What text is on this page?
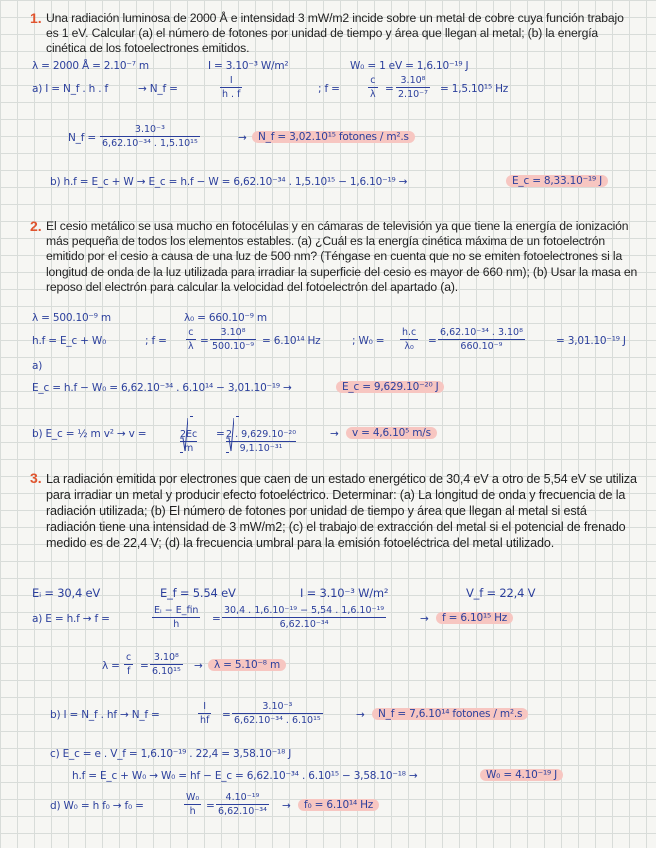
1. Una radiación luminosa de 2000 Å e intensidad 3 mW/m2 incide sobre un metal de cobre cuya función trabajo es 1 eV. Calcular (a) el número de fotones por unidad de tiempo y área que llegan al metal; (b) la energía cinética de los fotoelectrones emitidos.
λ = 2000 Å = 2.10⁻⁷ m	I = 3.10⁻³ W/m²	W₀ = 1 eV = 1,6.10⁻¹⁹ J
a) I = N_f . h . f	→ N_f =	$\frac{I}{h . f}$	; f =	$\frac{c}{\lambda} = \frac{\text{3.10⁸}}{\text{2.10⁻⁷}} = 1,5.10^{15}$ Hz
N_f = $\frac{\text{3.10⁻³}}{\text{6,62.10⁻³⁴ . 1,5.10¹⁵}}$	→	N_f = 3,02.10¹⁵ fotones / m².s
b) h.f = E_c + W → E_c = h.f − W = 6,62.10⁻³⁴ . 1,5.10¹⁵ − 1,6.10⁻¹⁹ →	E_c = 8,33.10⁻¹⁹ J
2. El cesio metálico se usa mucho en fotocélulas y en cámaras de televisión ya que tiene la energía de ionización más pequeña de todos los elementos estables. (a) ¿Cuál es la energía cinética máxima de un fotoelectrón emitido por el cesio a causa de una luz de 500 nm? (Téngase en cuenta que no se emiten fotoelectrones si la longitud de onda de la luz utilizada para irradiar la superficie del cesio es mayor de 660 nm); (b) Usar la masa en reposo del electrón para calcular la velocidad del fotoelectrón del apartado (a).
λ = 500.10⁻⁹ m	λ₀ = 660.10⁻⁹ m
h.f = E_c + W₀	; $f = \frac{c}{\lambda} = \frac{\text{3.10⁸}}{\text{500.10⁻⁹}} = 6.10^{14}$ Hz	; $W_0 = \frac{h.c}{\text{λ₀}} = \frac{\text{6,62.10⁻³⁴ . 3.10⁸}}{\text{660.10⁻⁹}}$	= 3,01.10⁻¹⁹ J
a)
E_c = h.f − W₀ = 6,62.10⁻³⁴ . 6.10¹⁴ − 3,01.10⁻¹⁹ →	E_c = 9,629.10⁻²⁰ J
b) E_c = ½ m v² → v =	2Ec
m
= 2 . 9,629.10⁻²⁰
9,1.10⁻³¹
→	v = 4,6.10⁵ m/s
3. La radiación emitida por electrones que caen de un estado energético de 30,4 eV a otro de 5,54 eV se utiliza para irradiar un metal y producir efecto fotoeléctrico. Determinar: (a) La longitud de onda y frecuencia de la radiación utilizada; (b) El número de fotones por unidad de tiempo y área que llegan al metal si está radiación tiene una intensidad de 3 mW/m2; (c) el trabajo de extracción del metal si el potencial de frenado medido es de 22,4 V; (d) la frecuencia umbral para la emisión fotoeléctrica del metal utilizado.
Eᵢ = 30,4 eV	E_f = 5.54 eV	I = 3.10⁻³ W/m²	V_f = 22,4 V
a) E = h.f → f =
Eᵢ − E_fin
h	= $\frac{\text{30,4 . 1,6.10⁻¹⁹ − 5,54 . 1,6.10⁻¹⁹}}{\text{6,62.10⁻³⁴}}$	→	f = 6.10¹⁵ Hz
$\lambda = \frac{c}{f} = \frac{\text{3.10⁸}}{\text{6.10¹⁵}}$ →	λ = 5.10⁻⁸ m
b) I = N_f . hf → N_f =	$\frac{I}{hf} = \frac{\text{3.10⁻³}}{\text{6,62.10⁻³⁴ . 6.10¹⁵}}$	→	N_f = 7,6.10¹⁴ fotones / m².s
c) E_c = e . V_f = 1,6.10⁻¹⁹ . 22,4 = 3,58.10⁻¹⁸ J
h.f = E_c + W₀ → W₀ = hf − E_c = 6,62.10⁻³⁴ . 6.10¹⁵ − 3,58.10⁻¹⁸ →	W₀ = 4.10⁻¹⁹ J
d) W₀ = h f₀ → f₀ =	$\frac{\text{W₀}}{h} = \frac{\text{4.10⁻¹⁹}}{\text{6,62.10⁻³⁴}}$ →	f₀ = 6.10¹⁴ Hz
